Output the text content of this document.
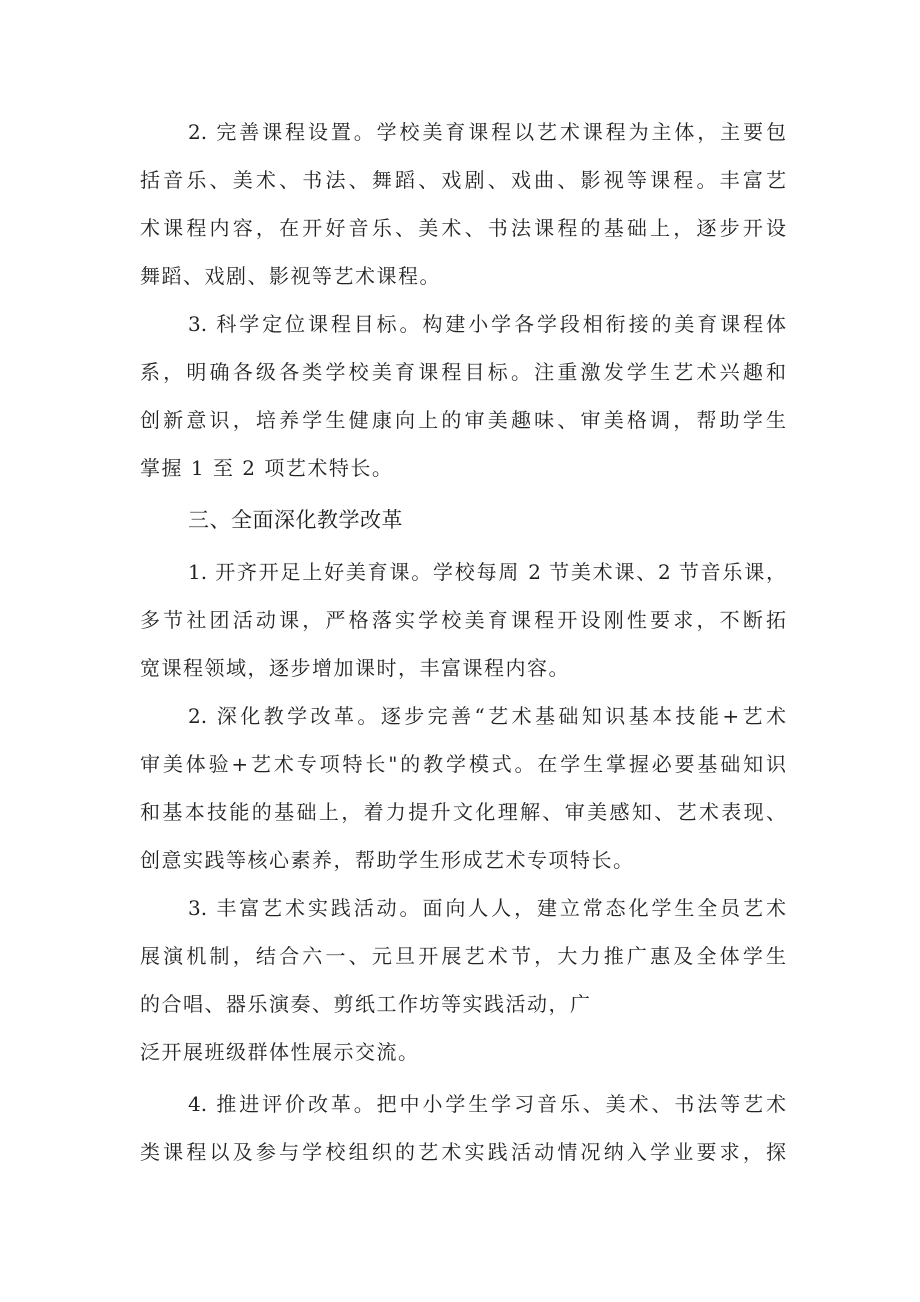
2. 完善课程设置。学校美育课程以艺术课程为主体，主要包
括音乐、美术、书法、舞蹈、戏剧、戏曲、影视等课程。丰富艺
术课程内容，在开好音乐、美术、书法课程的基础上，逐步开设
舞蹈、戏剧、影视等艺术课程。
3. 科学定位课程目标。构建小学各学段相衔接的美育课程体
系，明确各级各类学校美育课程目标。注重激发学生艺术兴趣和
创新意识，培养学生健康向上的审美趣味、审美格调，帮助学生
掌握 1 至 2 项艺术特长。
三、全面深化教学改革
1. 开齐开足上好美育课。学校每周 2 节美术课、2 节音乐课，
多节社团活动课，严格落实学校美育课程开设刚性要求，不断拓
宽课程领域，逐步增加课时，丰富课程内容。
2. 深化教学改革。逐步完善“艺术基础知识基本技能+艺术
审美体验+艺术专项特长"的教学模式。在学生掌握必要基础知识
和基本技能的基础上，着力提升文化理解、审美感知、艺术表现、
创意实践等核心素养，帮助学生形成艺术专项特长。
3. 丰富艺术实践活动。面向人人，建立常态化学生全员艺术
展演机制，结合六一、元旦开展艺术节，大力推广惠及全体学生
的合唱、器乐演奏、剪纸工作坊等实践活动，广
泛开展班级群体性展示交流。
4. 推进评价改革。把中小学生学习音乐、美术、书法等艺术
类课程以及参与学校组织的艺术实践活动情况纳入学业要求，探
